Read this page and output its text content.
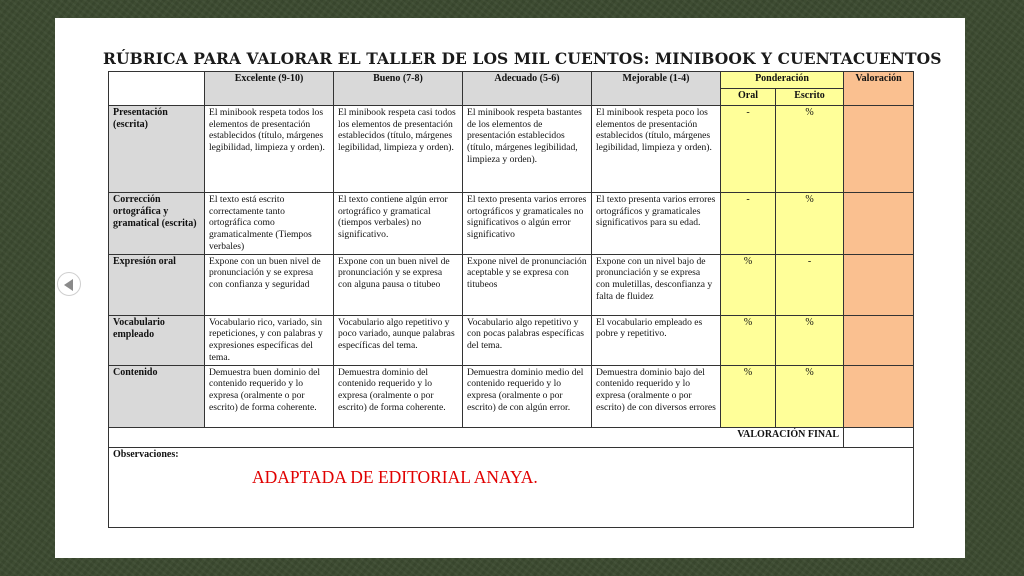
RÚBRICA PARA VALORAR EL TALLER DE LOS MIL CUENTOS: MINIBOOK Y CUENTACUENTOS
	Excelente (9-10)	Bueno (7-8)	Adecuado (5-6)	Mejorable (1-4)	Ponderación		Valoración
					Oral	Escrito	
Presentación (escrita)	El minibook respeta todos los elementos de presentación establecidos (título, márgenes legibilidad, limpieza y orden).	El minibook respeta casi todos los elementos de presentación establecidos (título, márgenes legibilidad, limpieza y orden).	El minibook respeta bastantes de los elementos de presentación establecidos (título, márgenes legibilidad, limpieza y orden).	El minibook respeta poco los elementos de presentación establecidos (título, márgenes legibilidad, limpieza y orden).	-	%	
Corrección ortográfica y gramatical (escrita)	El texto está escrito correctamente tanto ortográfica como gramaticalmente (Tiempos verbales)	El texto contiene algún error ortográfico y gramatical (tiempos verbales) no significativo.	El texto presenta varios errores ortográficos y gramaticales no significativos o algún error significativo	El texto presenta varios errores ortográficos y gramaticales significativos para su edad.	-	%	
Expresión oral	Expone con un buen nivel de pronunciación y se expresa con confianza y seguridad	Expone con un buen nivel de pronunciación y se expresa con alguna pausa o titubeo	Expone nivel de pronunciación aceptable y se expresa con titubeos	Expone con un nivel bajo de pronunciación y se expresa con muletillas, desconfianza y falta de fluidez	%	-	
Vocabulario empleado	Vocabulario rico, variado, sin repeticiones, y con palabras y expresiones específicas del tema.	Vocabulario algo repetitivo y poco variado, aunque palabras específicas del tema.	Vocabulario algo repetitivo y con pocas palabras específicas del tema.	El vocabulario empleado es pobre y repetitivo.	%	%	
Contenido	Demuestra buen dominio del contenido requerido y lo expresa (oralmente o por escrito) de forma coherente.	Demuestra dominio del contenido requerido y lo expresa (oralmente o por escrito) de forma coherente.	Demuestra dominio medio del contenido requerido y lo expresa (oralmente o por escrito) de con algún error.	Demuestra dominio bajo del contenido requerido y lo expresa (oralmente o por escrito) de con diversos errores	%	%	
VALORACIÓN FINAL							
Observaciones:							
ADAPTADA DE EDITORIAL ANAYA.
